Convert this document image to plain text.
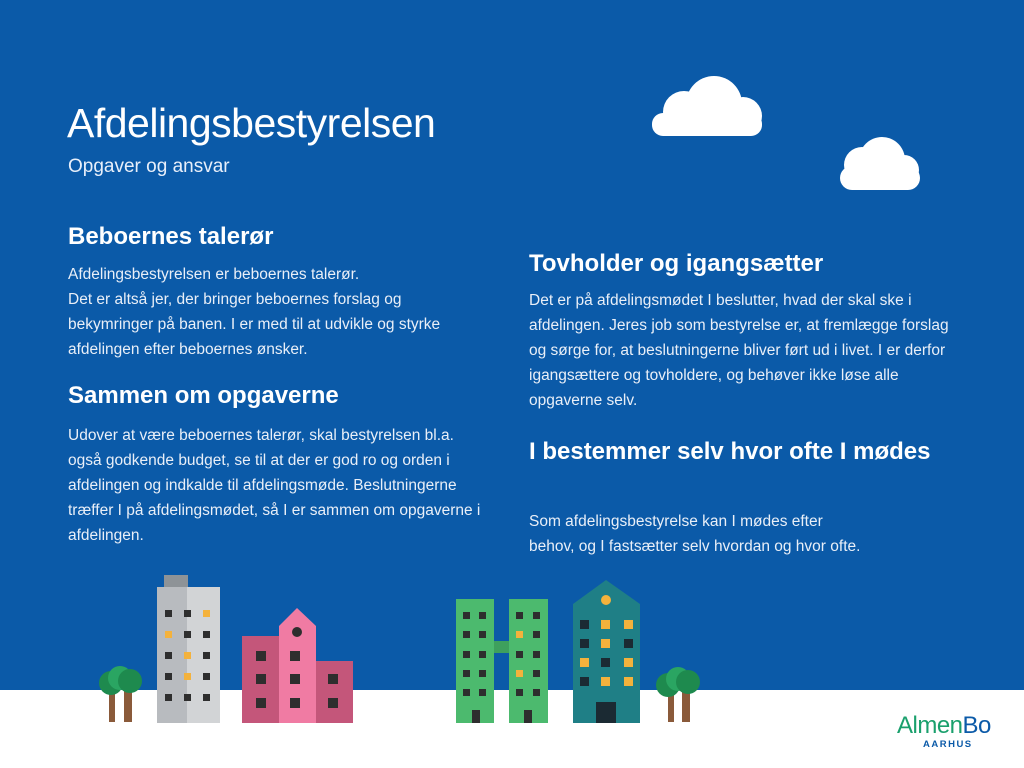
Afdelingsbestyrelsen
Opgaver og ansvar
Beboernes talerør

Afdelingsbestyrelsen er beboernes talerør.
Det er altså jer, der bringer beboernes forslag og bekymringer på banen. I er med til at udvikle og styrke afdelingen efter beboernes ønsker.

Sammen om opgaverne

Udover at være beboernes talerør, skal bestyrelsen bl.a. også godkende budget, se til at der er god ro og orden i afdelingen og indkalde til afdelingsmøde. Beslutningerne træffer I på afdelingsmødet, så I er sammen om opgaverne i afdelingen.

Tovholder og igangsætter

Det er på afdelingsmødet I beslutter, hvad der skal ske i afdelingen. Jeres job som bestyrelse er, at fremlægge forslag og sørge for, at beslutningerne bliver ført ud i livet. I er derfor igangsættere og tovholdere, og behøver ikke løse alle opgaverne selv.

I bestemmer selv hvor ofte I mødes

Som afdelingsbestyrelse kan I mødes efter
behov, og I fastsætter selv hvordan og hvor ofte.

AlmenBo
AARHUS
